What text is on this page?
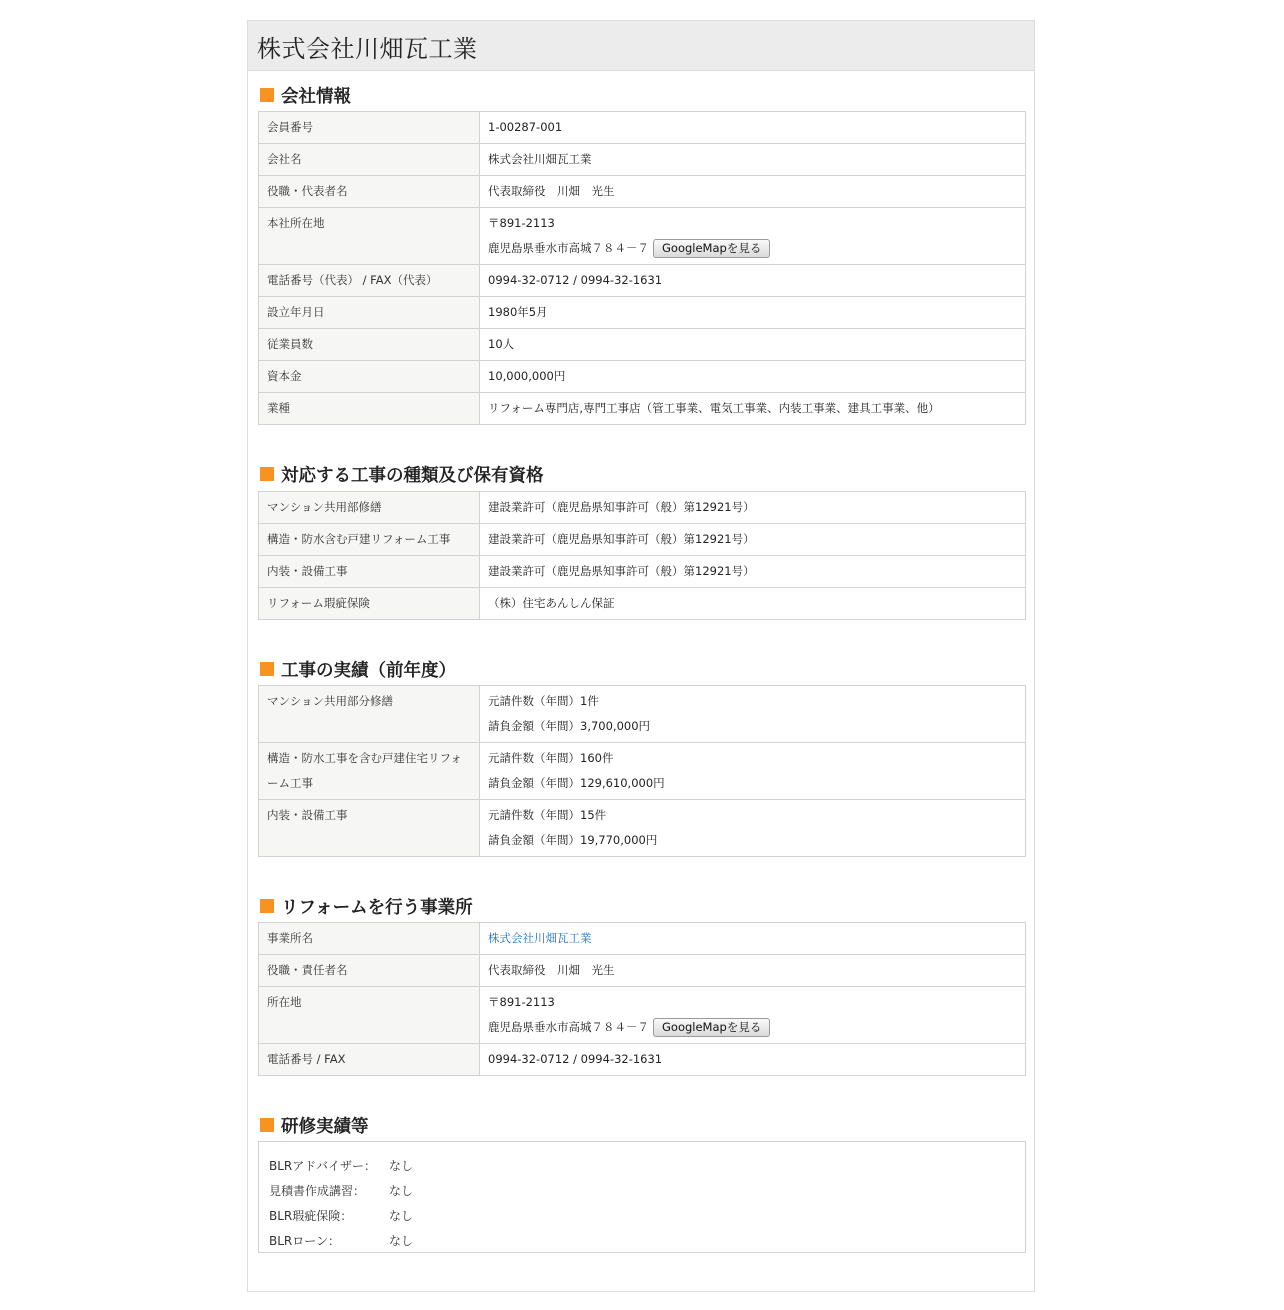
株式会社川畑瓦工業
会社情報
会員番号	1-00287-001
会社名	株式会社川畑瓦工業
役職・代表者名	代表取締役　川畑　光生
本社所在地	〒891-2113
鹿児島県垂水市高城７８４－７ GoogleMapを見る

電話番号（代表） / FAX（代表）	0994-32-0712 / 0994-32-1631
設立年月日	1980年5月
従業員数	10人
資本金	10,000,000円
業種	リフォーム専門店,専門工事店（管工事業、電気工事業、内装工事業、建具工事業、他）
対応する工事の種類及び保有資格
マンション共用部修繕	建設業許可（鹿児島県知事許可（般）第12921号）
構造・防水含む戸建リフォーム工事	建設業許可（鹿児島県知事許可（般）第12921号）
内装・設備工事	建設業許可（鹿児島県知事許可（般）第12921号）
リフォーム瑕疵保険	（株）住宅あんしん保証
工事の実績（前年度）
マンション共用部分修繕	元請件数（年間）1件
請負金額（年間）3,700,000円

構造・防水工事を含む戸建住宅リフォーム工事	元請件数（年間）160件
請負金額（年間）129,610,000円

内装・設備工事	元請件数（年間）15件
請負金額（年間）19,770,000円
リフォームを行う事業所
事業所名	株式会社川畑瓦工業
役職・責任者名	代表取締役　川畑　光生
所在地	〒891-2113
鹿児島県垂水市高城７８４－７ GoogleMapを見る

電話番号 / FAX	0994-32-0712 / 0994-32-1631
研修実績等
BLRアドバイザー：	なし
見積書作成講習：	なし
BLR瑕疵保険：	なし
BLRローン：	なし
